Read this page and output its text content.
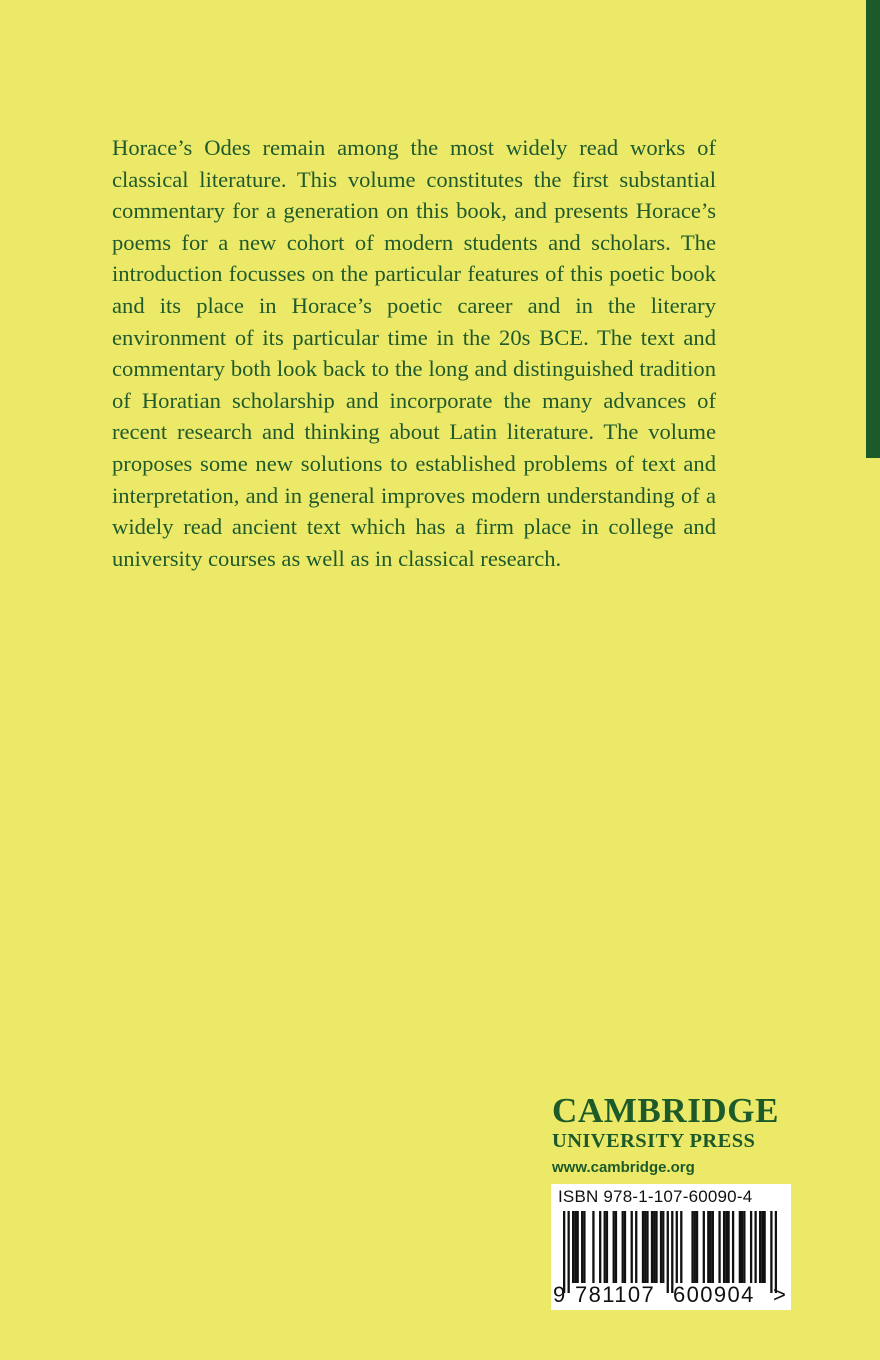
Horace’s Odes remain among the most widely read works of classical literature. This volume constitutes the first substantial commentary for a generation on this book, and presents Horace’s poems for a new cohort of modern students and scholars. The introduction focusses on the particular features of this poetic book and its place in Horace’s poetic career and in the literary environment of its particular time in the 20s BCE. The text and commentary both look back to the long and distinguished tradition of Horatian scholarship and incorporate the many advances of recent research and thinking about Latin literature. The volume proposes some new solutions to established problems of text and interpretation, and in general improves modern understanding of a widely read ancient text which has a firm place in college and university courses as well as in classical research.

CAMBRIDGE
UNIVERSITY PRESS
www.cambridge.org
ISBN 978-1-107-60090-4
9 781107 600904 >
